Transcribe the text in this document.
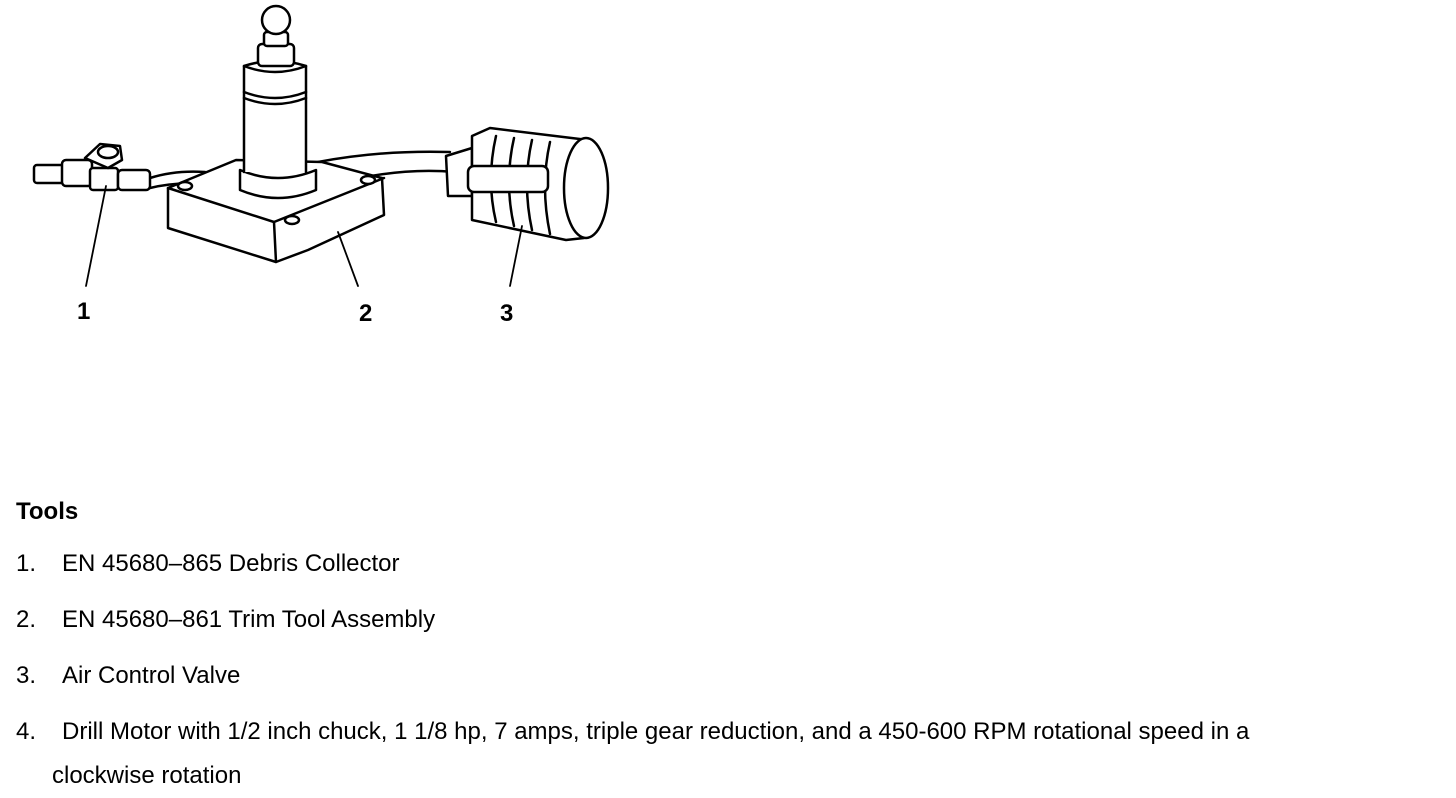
1	2	3
Tools
1. EN 45680–865 Debris Collector
2. EN 45680–861 Trim Tool Assembly
3. Air Control Valve
4. Drill Motor with 1/2 inch chuck, 1 1/8 hp, 7 amps, triple gear reduction, and a 450-600 RPM rotational speed in a
clockwise rotation
